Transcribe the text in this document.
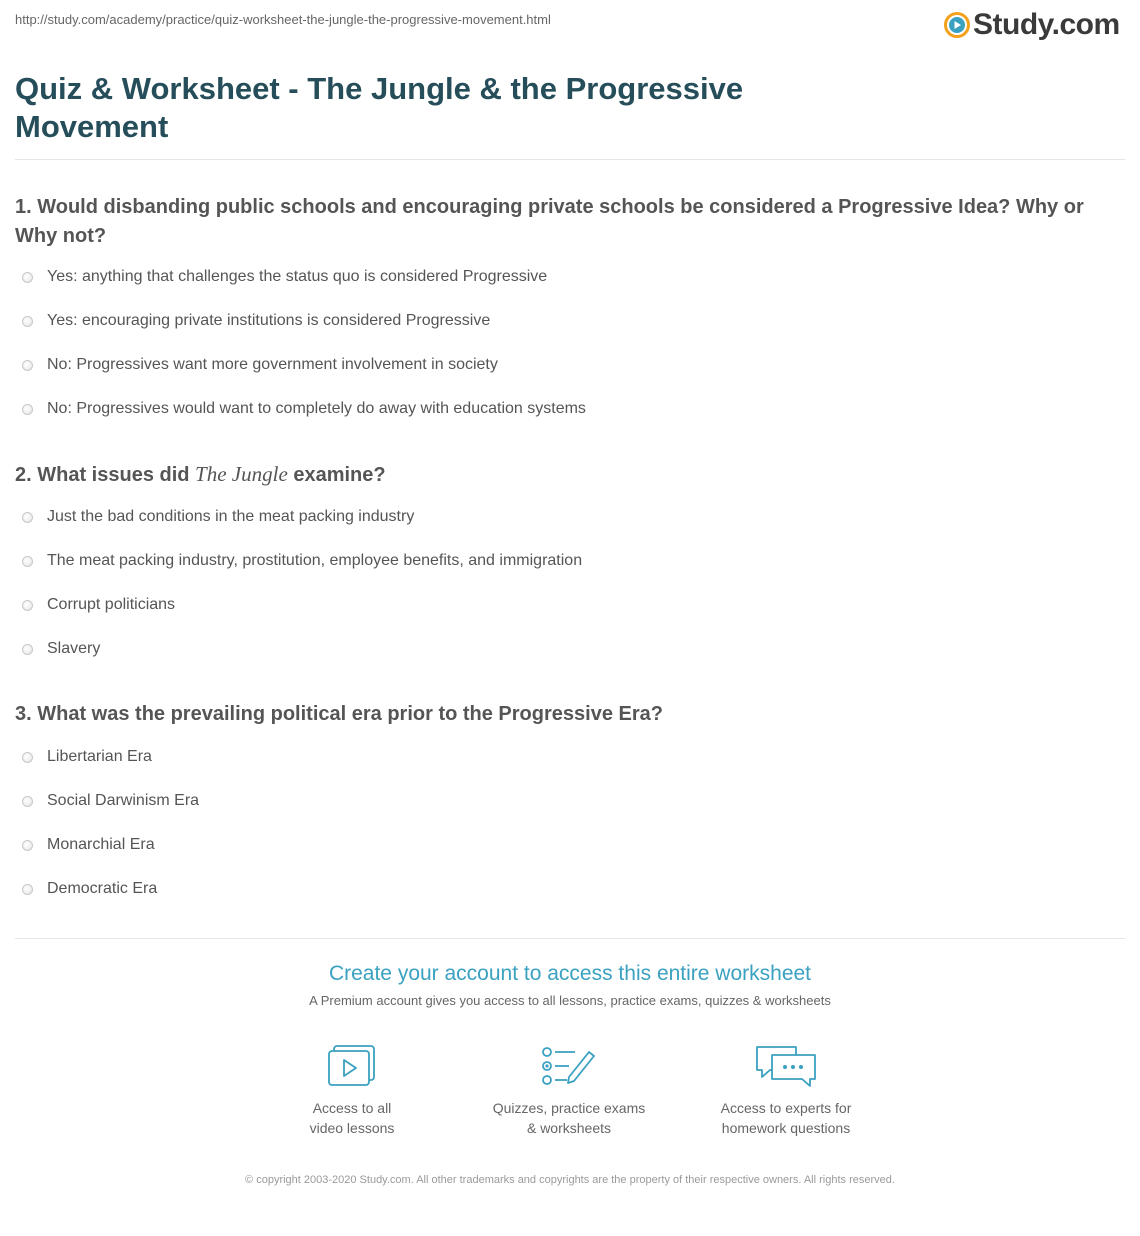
http://study.com/academy/practice/quiz-worksheet-the-jungle-the-progressive-movement.html	Study.com
Quiz & Worksheet - The Jungle & the Progressive
Movement
1. Would disbanding public schools and encouraging private schools be considered a Progressive Idea? Why or Why not?
Yes: anything that challenges the status quo is considered Progressive
Yes: encouraging private institutions is considered Progressive
No: Progressives want more government involvement in society
No: Progressives would want to completely do away with education systems
2. What issues did The Jungle examine?
Just the bad conditions in the meat packing industry
The meat packing industry, prostitution, employee benefits, and immigration
Corrupt politicians
Slavery
3. What was the prevailing political era prior to the Progressive Era?
Libertarian Era
Social Darwinism Era
Monarchial Era
Democratic Era
Create your account to access this entire worksheet
A Premium account gives you access to all lessons, practice exams, quizzes & worksheets
Access to all
video lessons
Quizzes, practice exams
& worksheets
Access to experts for
homework questions
© copyright 2003-2020 Study.com. All other trademarks and copyrights are the property of their respective owners. All rights reserved.
